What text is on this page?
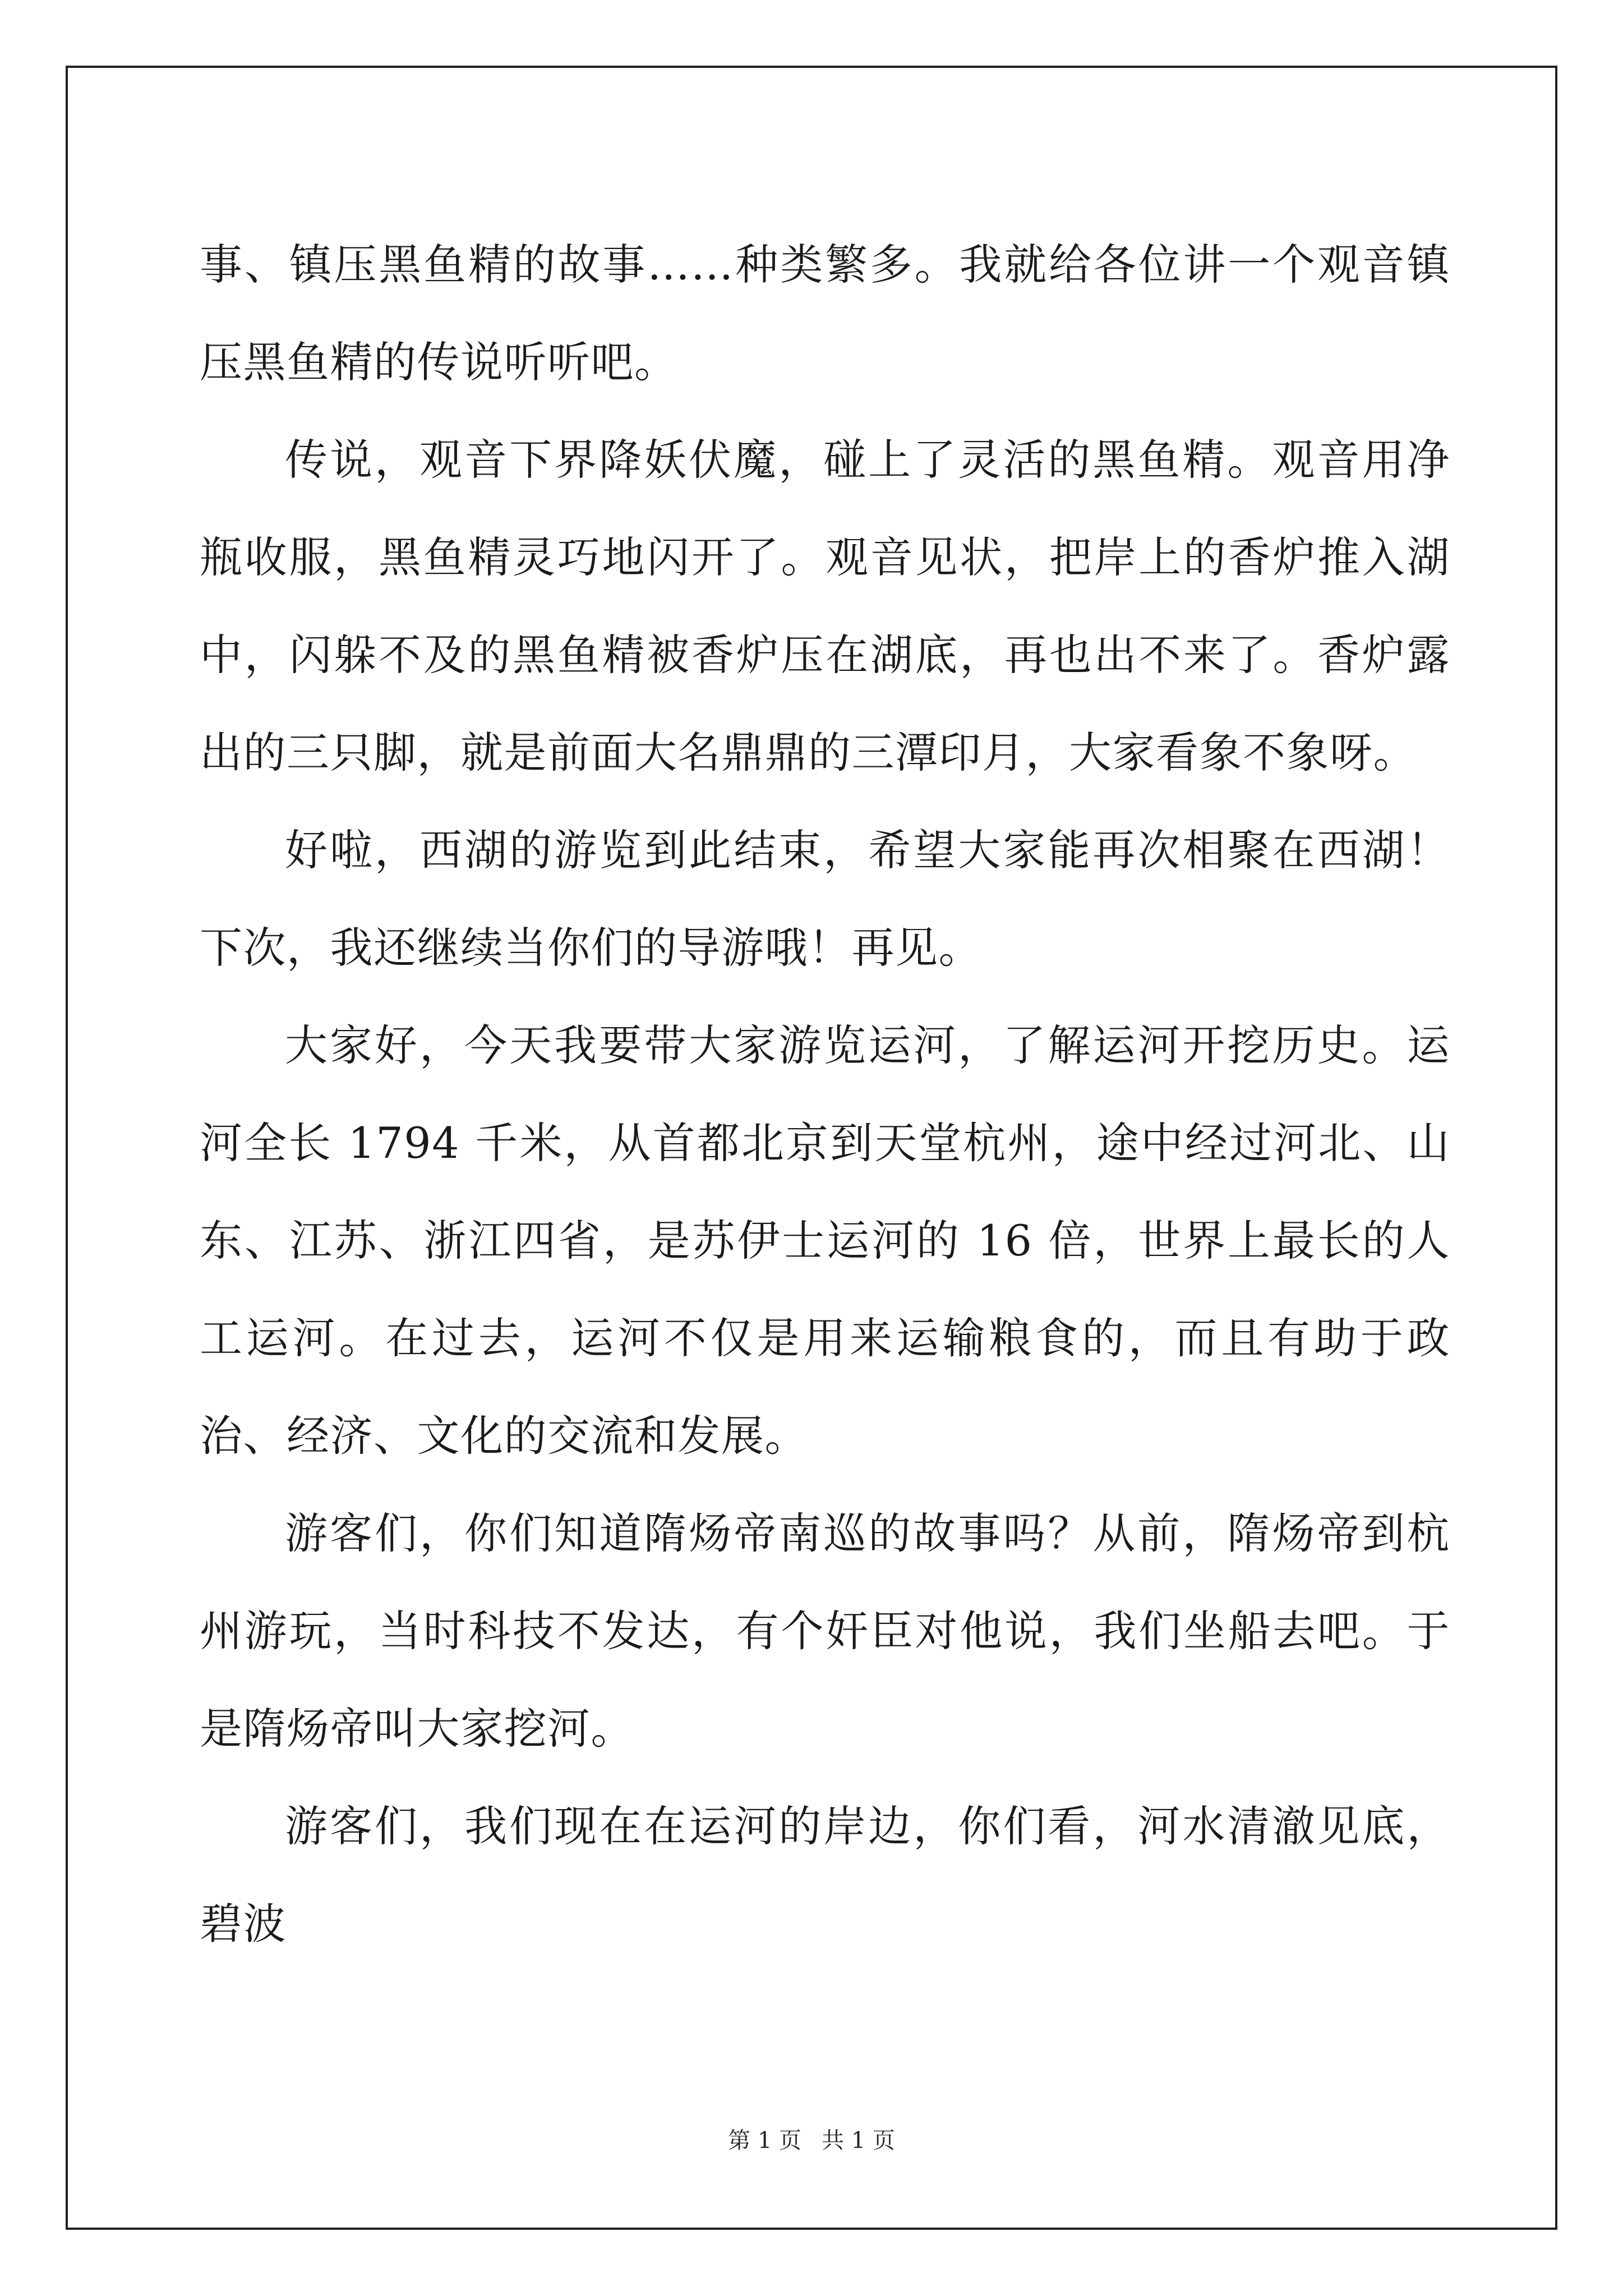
事、镇压黑鱼精的故事……种类繁多。我就给各位讲一个观音镇压黑鱼精的传说听听吧。

传说，观音下界降妖伏魔，碰上了灵活的黑鱼精。观音用净瓶收服，黑鱼精灵巧地闪开了。观音见状，把岸上的香炉推入湖中，闪躲不及的黑鱼精被香炉压在湖底，再也出不来了。香炉露出的三只脚，就是前面大名鼎鼎的三潭印月，大家看象不象呀。

好啦，西湖的游览到此结束，希望大家能再次相聚在西湖！下次，我还继续当你们的导游哦！再见。

大家好，今天我要带大家游览运河，了解运河开挖历史。运河全长 1794 千米，从首都北京到天堂杭州，途中经过河北、山东、江苏、浙江四省，是苏伊士运河的 16 倍，世界上最长的人工运河。在过去，运河不仅是用来运输粮食的，而且有助于政治、经济、文化的交流和发展。

游客们，你们知道隋炀帝南巡的故事吗？从前，隋炀帝到杭州游玩，当时科技不发达，有个奸臣对他说，我们坐船去吧。于是隋炀帝叫大家挖河。

游客们，我们现在在运河的岸边，你们看，河水清澈见底，碧波

第 1 页 共 1 页
